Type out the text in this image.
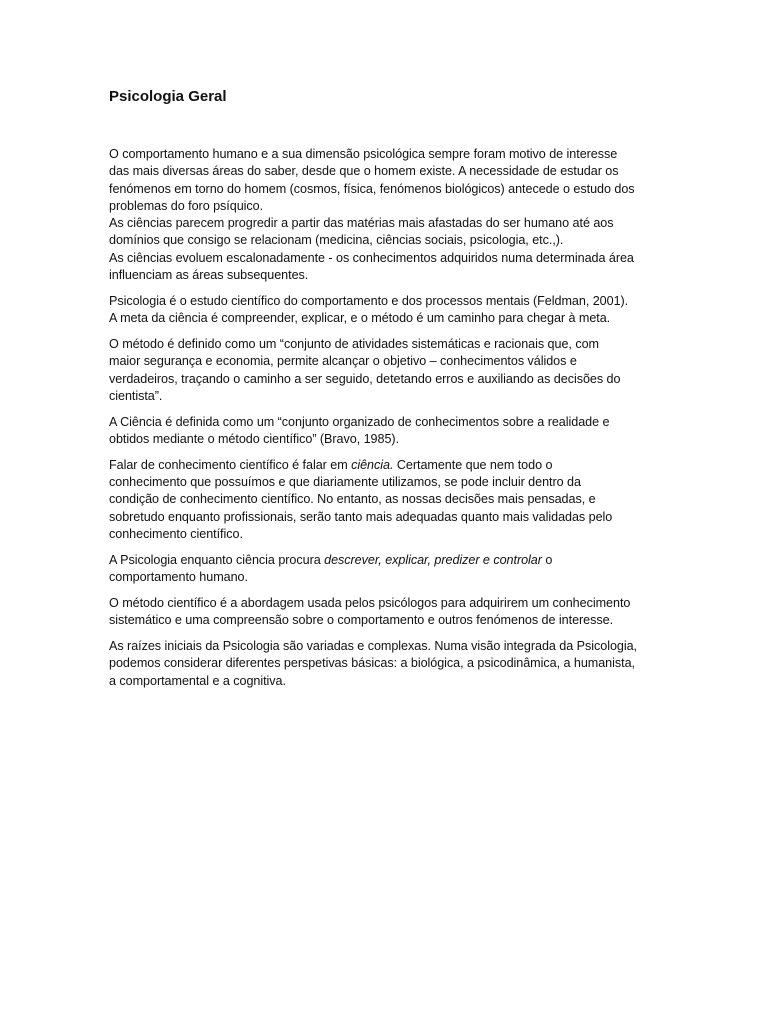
Psicologia Geral
O comportamento humano e a sua dimensão psicológica sempre foram motivo de interesse
das mais diversas áreas do saber, desde que o homem existe. A necessidade de estudar os
fenómenos em torno do homem (cosmos, física, fenómenos biológicos) antecede o estudo dos
problemas do foro psíquico.
As ciências parecem progredir a partir das matérias mais afastadas do ser humano até aos
domínios que consigo se relacionam (medicina, ciências sociais, psicologia, etc.,).
As ciências evoluem escalonadamente - os conhecimentos adquiridos numa determinada área
influenciam as áreas subsequentes.
Psicologia é o estudo científico do comportamento e dos processos mentais (Feldman, 2001).
A meta da ciência é compreender, explicar, e o método é um caminho para chegar à meta.
O método é definido como um “conjunto de atividades sistemáticas e racionais que, com
maior segurança e economia, permite alcançar o objetivo – conhecimentos válidos e
verdadeiros, traçando o caminho a ser seguido, detetando erros e auxiliando as decisões do
cientista”.
A Ciência é definida como um “conjunto organizado de conhecimentos sobre a realidade e
obtidos mediante o método científico” (Bravo, 1985).
Falar de conhecimento científico é falar em ciência. Certamente que nem todo o
conhecimento que possuímos e que diariamente utilizamos, se pode incluir dentro da
condição de conhecimento científico. No entanto, as nossas decisões mais pensadas, e
sobretudo enquanto profissionais, serão tanto mais adequadas quanto mais validadas pelo
conhecimento científico.
A Psicologia enquanto ciência procura descrever, explicar, predizer e controlar o
comportamento humano.
O método científico é a abordagem usada pelos psicólogos para adquirirem um conhecimento
sistemático e uma compreensão sobre o comportamento e outros fenómenos de interesse.
As raízes iniciais da Psicologia são variadas e complexas. Numa visão integrada da Psicologia,
podemos considerar diferentes perspetivas básicas: a biológica, a psicodinâmica, a humanista,
a comportamental e a cognitiva.
